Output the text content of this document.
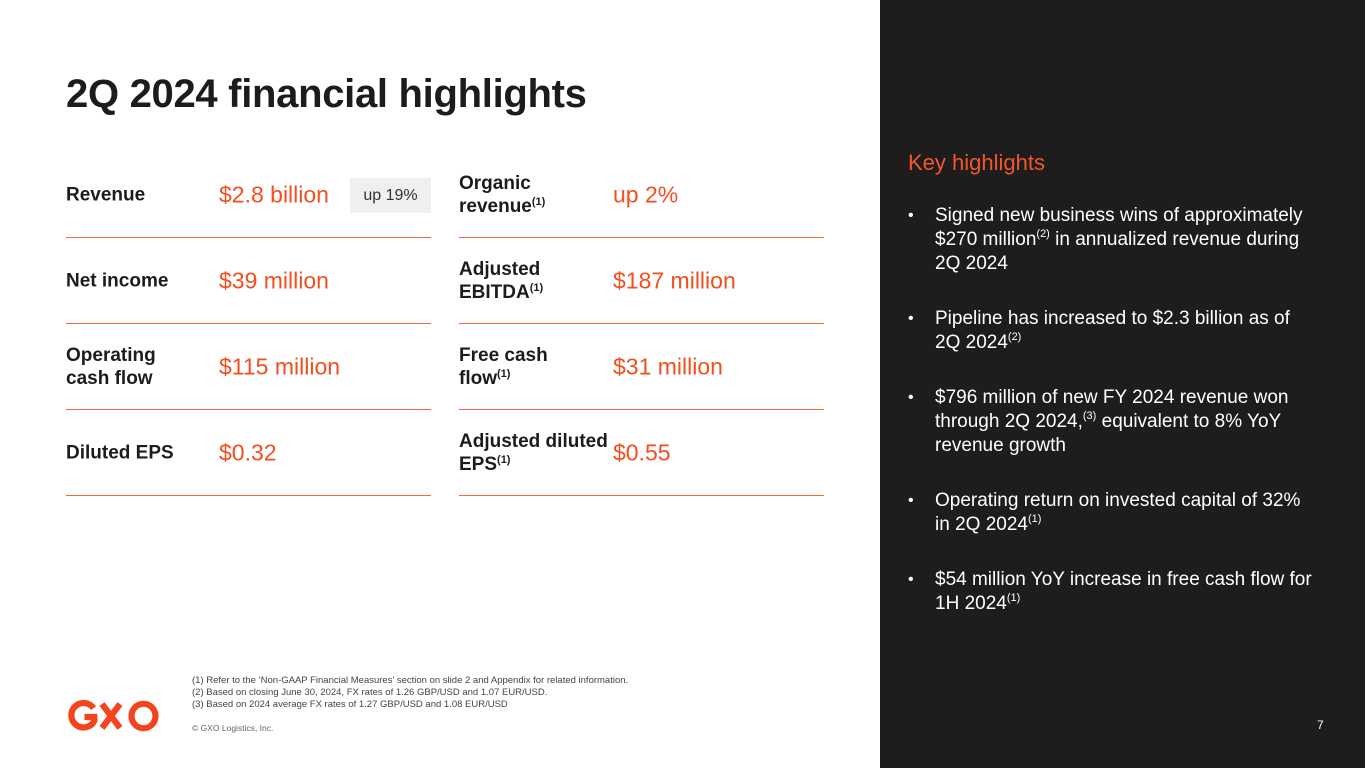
2Q 2024 financial highlights
Revenue	$2.8 billion	up 19%
Net income	$39 million
Operating cash flow	$115 million
Diluted EPS	$0.32
Organic revenue$^{(1)}$	up 2%
Adjusted EBITDA$^{(1)}$	$187 million
Free cash flow$^{(1)}$	$31 million
Adjusted diluted EPS$^{(1)}$	$0.55
(1) Refer to the ‘Non-GAAP Financial Measures’ section on slide 2 and Appendix for related information.
(2) Based on closing June 30, 2024, FX rates of 1.26 GBP/USD and 1.07 EUR/USD.
(3) Based on 2024 average FX rates of 1.27 GBP/USD and 1.08 EUR/USD
© GXO Logistics, Inc.
Key highlights
• Signed new business wins of approximately $270 million$^{(2)}$ in annualized revenue during 2Q 2024
• Pipeline has increased to $2.3 billion as of 2Q 2024$^{(2)}$
• $796 million of new FY 2024 revenue won through 2Q 2024,$^{(3)}$ equivalent to 8% YoY revenue growth
• Operating return on invested capital of 32% in 2Q 2024$^{(1)}$
• $54 million YoY increase in free cash flow for 1H 2024$^{(1)}$
7
